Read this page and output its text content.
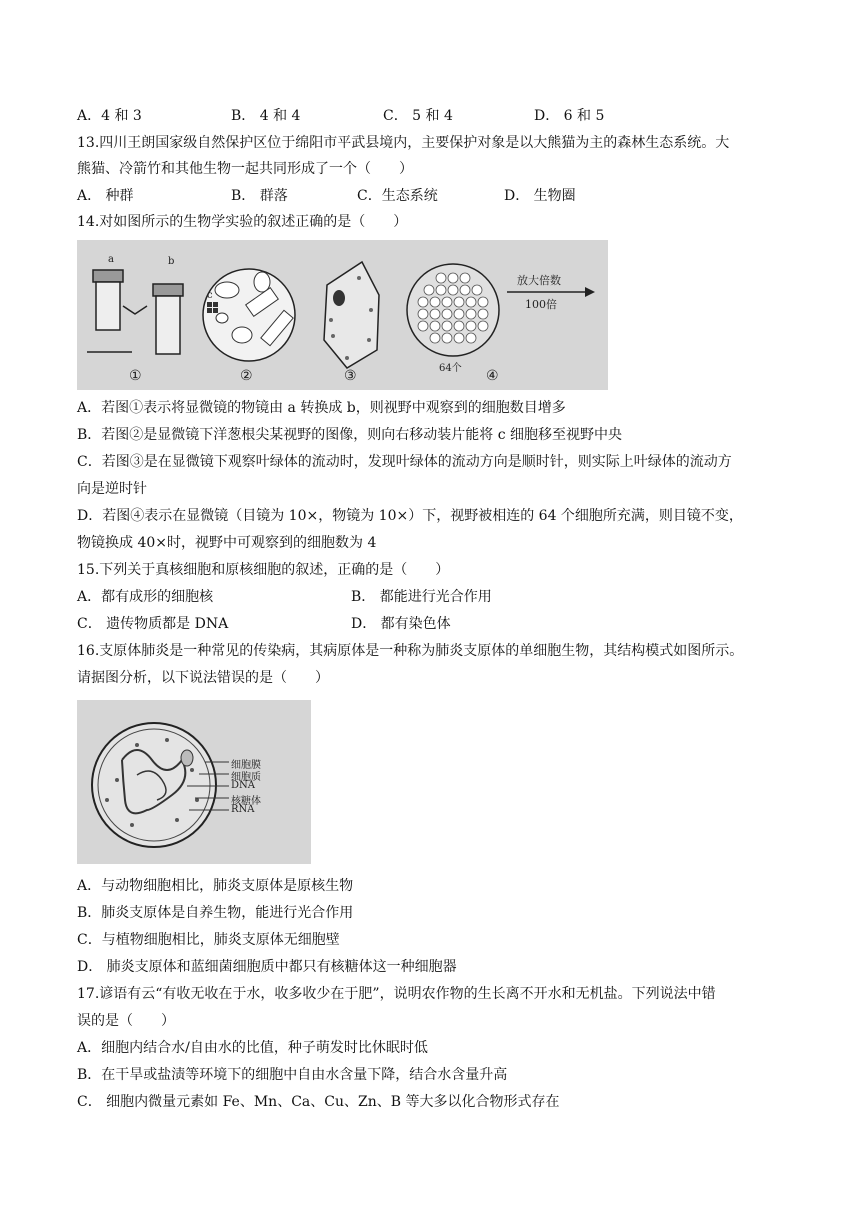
A．4 和 3	B． 4 和 4	C． 5 和 4	D． 6 和 5
13.四川王朗国家级自然保护区位于绵阳市平武县境内，主要保护对象是以大熊猫为主的森林生态系统。大
熊猫、冷箭竹和其他生物一起共同形成了一个（　　）
A． 种群	B． 群落	C．生态系统	D． 生物圈
14.对如图所示的生物学实验的叙述正确的是（　　）
a	b
c
放大倍数
100倍
64个
①	②	③	④
A．若图①表示将显微镜的物镜由 a 转换成 b，则视野中观察到的细胞数目增多
B．若图②是显微镜下洋葱根尖某视野的图像，则向右移动装片能将 c 细胞移至视野中央
C．若图③是在显微镜下观察叶绿体的流动时，发现叶绿体的流动方向是顺时针，则实际上叶绿体的流动方
向是逆时针
D．若图④表示在显微镜（目镜为 10×，物镜为 10×）下，视野被相连的 64 个细胞所充满，则目镜不变，
物镜换成 40×时，视野中可观察到的细胞数为 4
15.下列关于真核细胞和原核细胞的叙述，正确的是（　　）
A．都有成形的细胞核	B． 都能进行光合作用
C． 遗传物质都是 DNA	D． 都有染色体
16.支原体肺炎是一种常见的传染病，其病原体是一种称为肺炎支原体的单细胞生物，其结构模式如图所示。
请据图分析，以下说法错误的是（　　）
细胞膜
细胞质
DNA
核糖体
RNA
A．与动物细胞相比，肺炎支原体是原核生物
B．肺炎支原体是自养生物，能进行光合作用
C．与植物细胞相比，肺炎支原体无细胞壁
D． 肺炎支原体和蓝细菌细胞质中都只有核糖体这一种细胞器
17.谚语有云“有收无收在于水，收多收少在于肥”，说明农作物的生长离不开水和无机盐。下列说法中错
误的是（　　）
A．细胞内结合水/自由水的比值，种子萌发时比休眠时低
B．在干旱或盐渍等环境下的细胞中自由水含量下降，结合水含量升高
C． 细胞内微量元素如 Fe、Mn、Ca、Cu、Zn、B 等大多以化合物形式存在
